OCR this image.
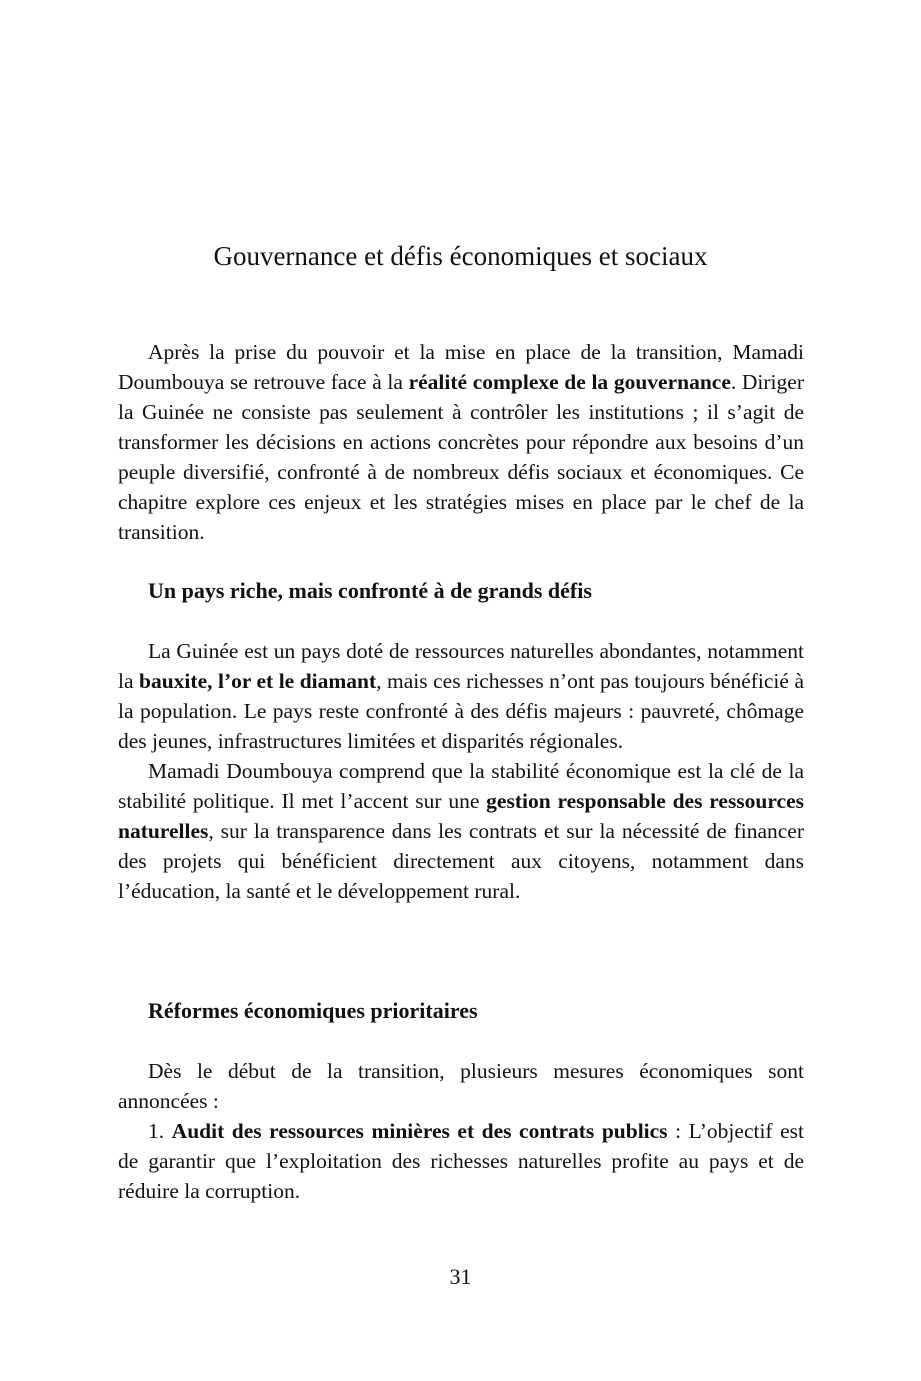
Gouvernance et défis économiques et sociaux

Après la prise du pouvoir et la mise en place de la transition, Mamadi Doumbouya se retrouve face à la réalité complexe de la gouvernance. Diriger la Guinée ne consiste pas seulement à contrôler les institutions ; il s’agit de transformer les décisions en actions concrètes pour répondre aux besoins d’un peuple diversifié, confronté à de nombreux défis sociaux et économiques. Ce chapitre explore ces enjeux et les stratégies mises en place par le chef de la transition.

Un pays riche, mais confronté à de grands défis

La Guinée est un pays doté de ressources naturelles abondantes, notamment la bauxite, l’or et le diamant, mais ces richesses n’ont pas toujours bénéficié à la population. Le pays reste confronté à des défis majeurs : pauvreté, chômage des jeunes, infrastructures limitées et disparités régionales.

Mamadi Doumbouya comprend que la stabilité économique est la clé de la stabilité politique. Il met l’accent sur une gestion responsable des ressources naturelles, sur la transparence dans les contrats et sur la nécessité de financer des projets qui bénéficient directement aux citoyens, notamment dans l’éducation, la santé et le développement rural.

Réformes économiques prioritaires

Dès le début de la transition, plusieurs mesures économiques sont annoncées :

1. Audit des ressources minières et des contrats publics : L’objectif est de garantir que l’exploitation des richesses naturelles profite au pays et de réduire la corruption.

31
